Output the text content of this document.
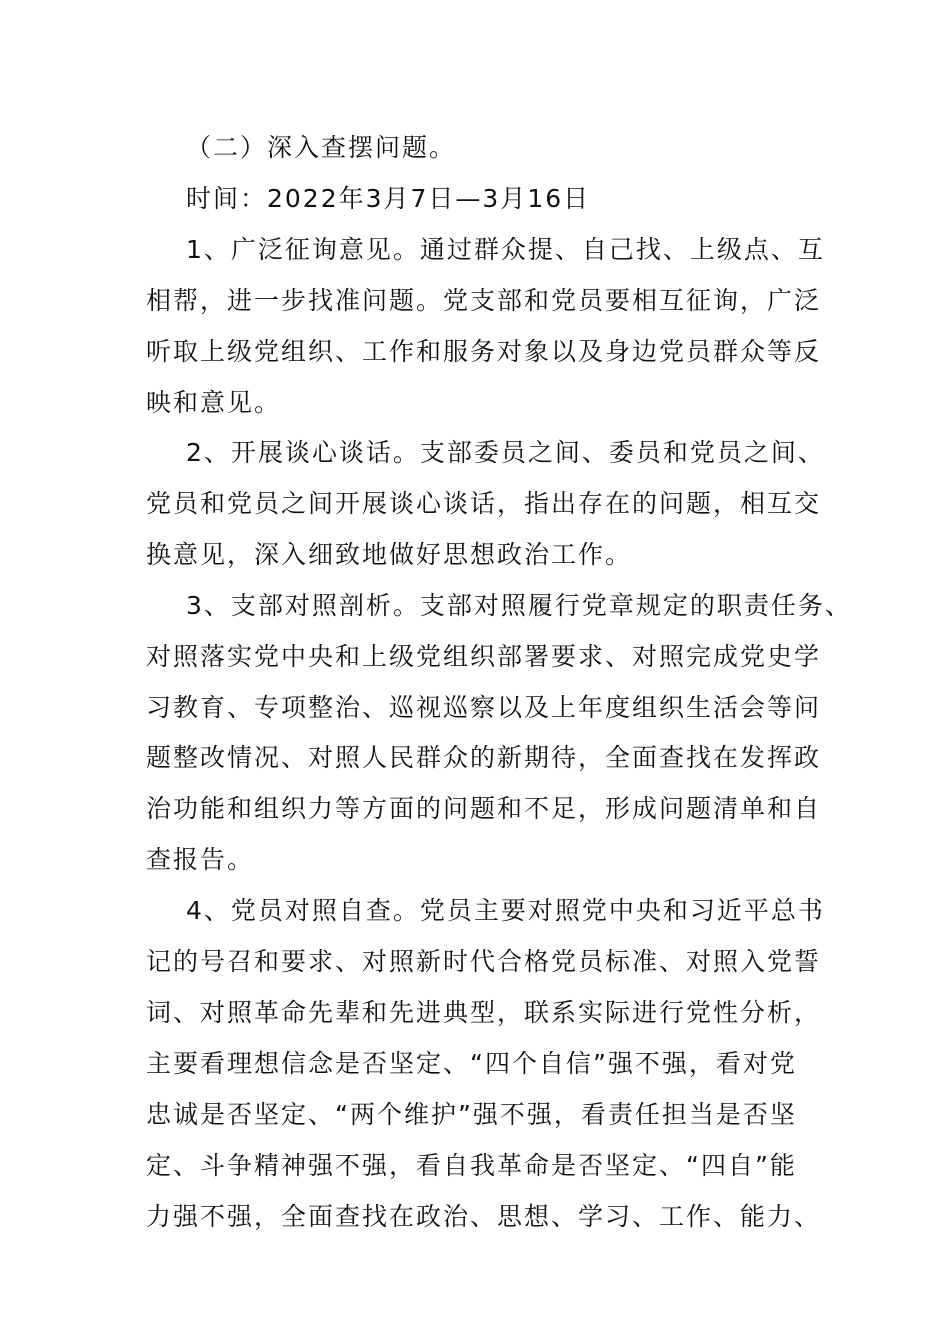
（二）深入查摆问题。
时间：2022年3月7日—3月16日
1、广泛征询意见。通过群众提、自己找、上级点、互
相帮，进一步找准问题。党支部和党员要相互征询，广泛
听取上级党组织、工作和服务对象以及身边党员群众等反
映和意见。
2、开展谈心谈话。支部委员之间、委员和党员之间、
党员和党员之间开展谈心谈话，指出存在的问题，相互交
换意见，深入细致地做好思想政治工作。
3、支部对照剖析。支部对照履行党章规定的职责任务、
对照落实党中央和上级党组织部署要求、对照完成党史学
习教育、专项整治、巡视巡察以及上年度组织生活会等问
题整改情况、对照人民群众的新期待，全面查找在发挥政
治功能和组织力等方面的问题和不足，形成问题清单和自
查报告。
4、党员对照自查。党员主要对照党中央和习近平总书
记的号召和要求、对照新时代合格党员标准、对照入党誓
词、对照革命先辈和先进典型，联系实际进行党性分析，
主要看理想信念是否坚定、“四个自信”强不强，看对党
忠诚是否坚定、“两个维护”强不强，看责任担当是否坚
定、斗争精神强不强，看自我革命是否坚定、“四自”能
力强不强，全面查找在政治、思想、学习、工作、能力、
